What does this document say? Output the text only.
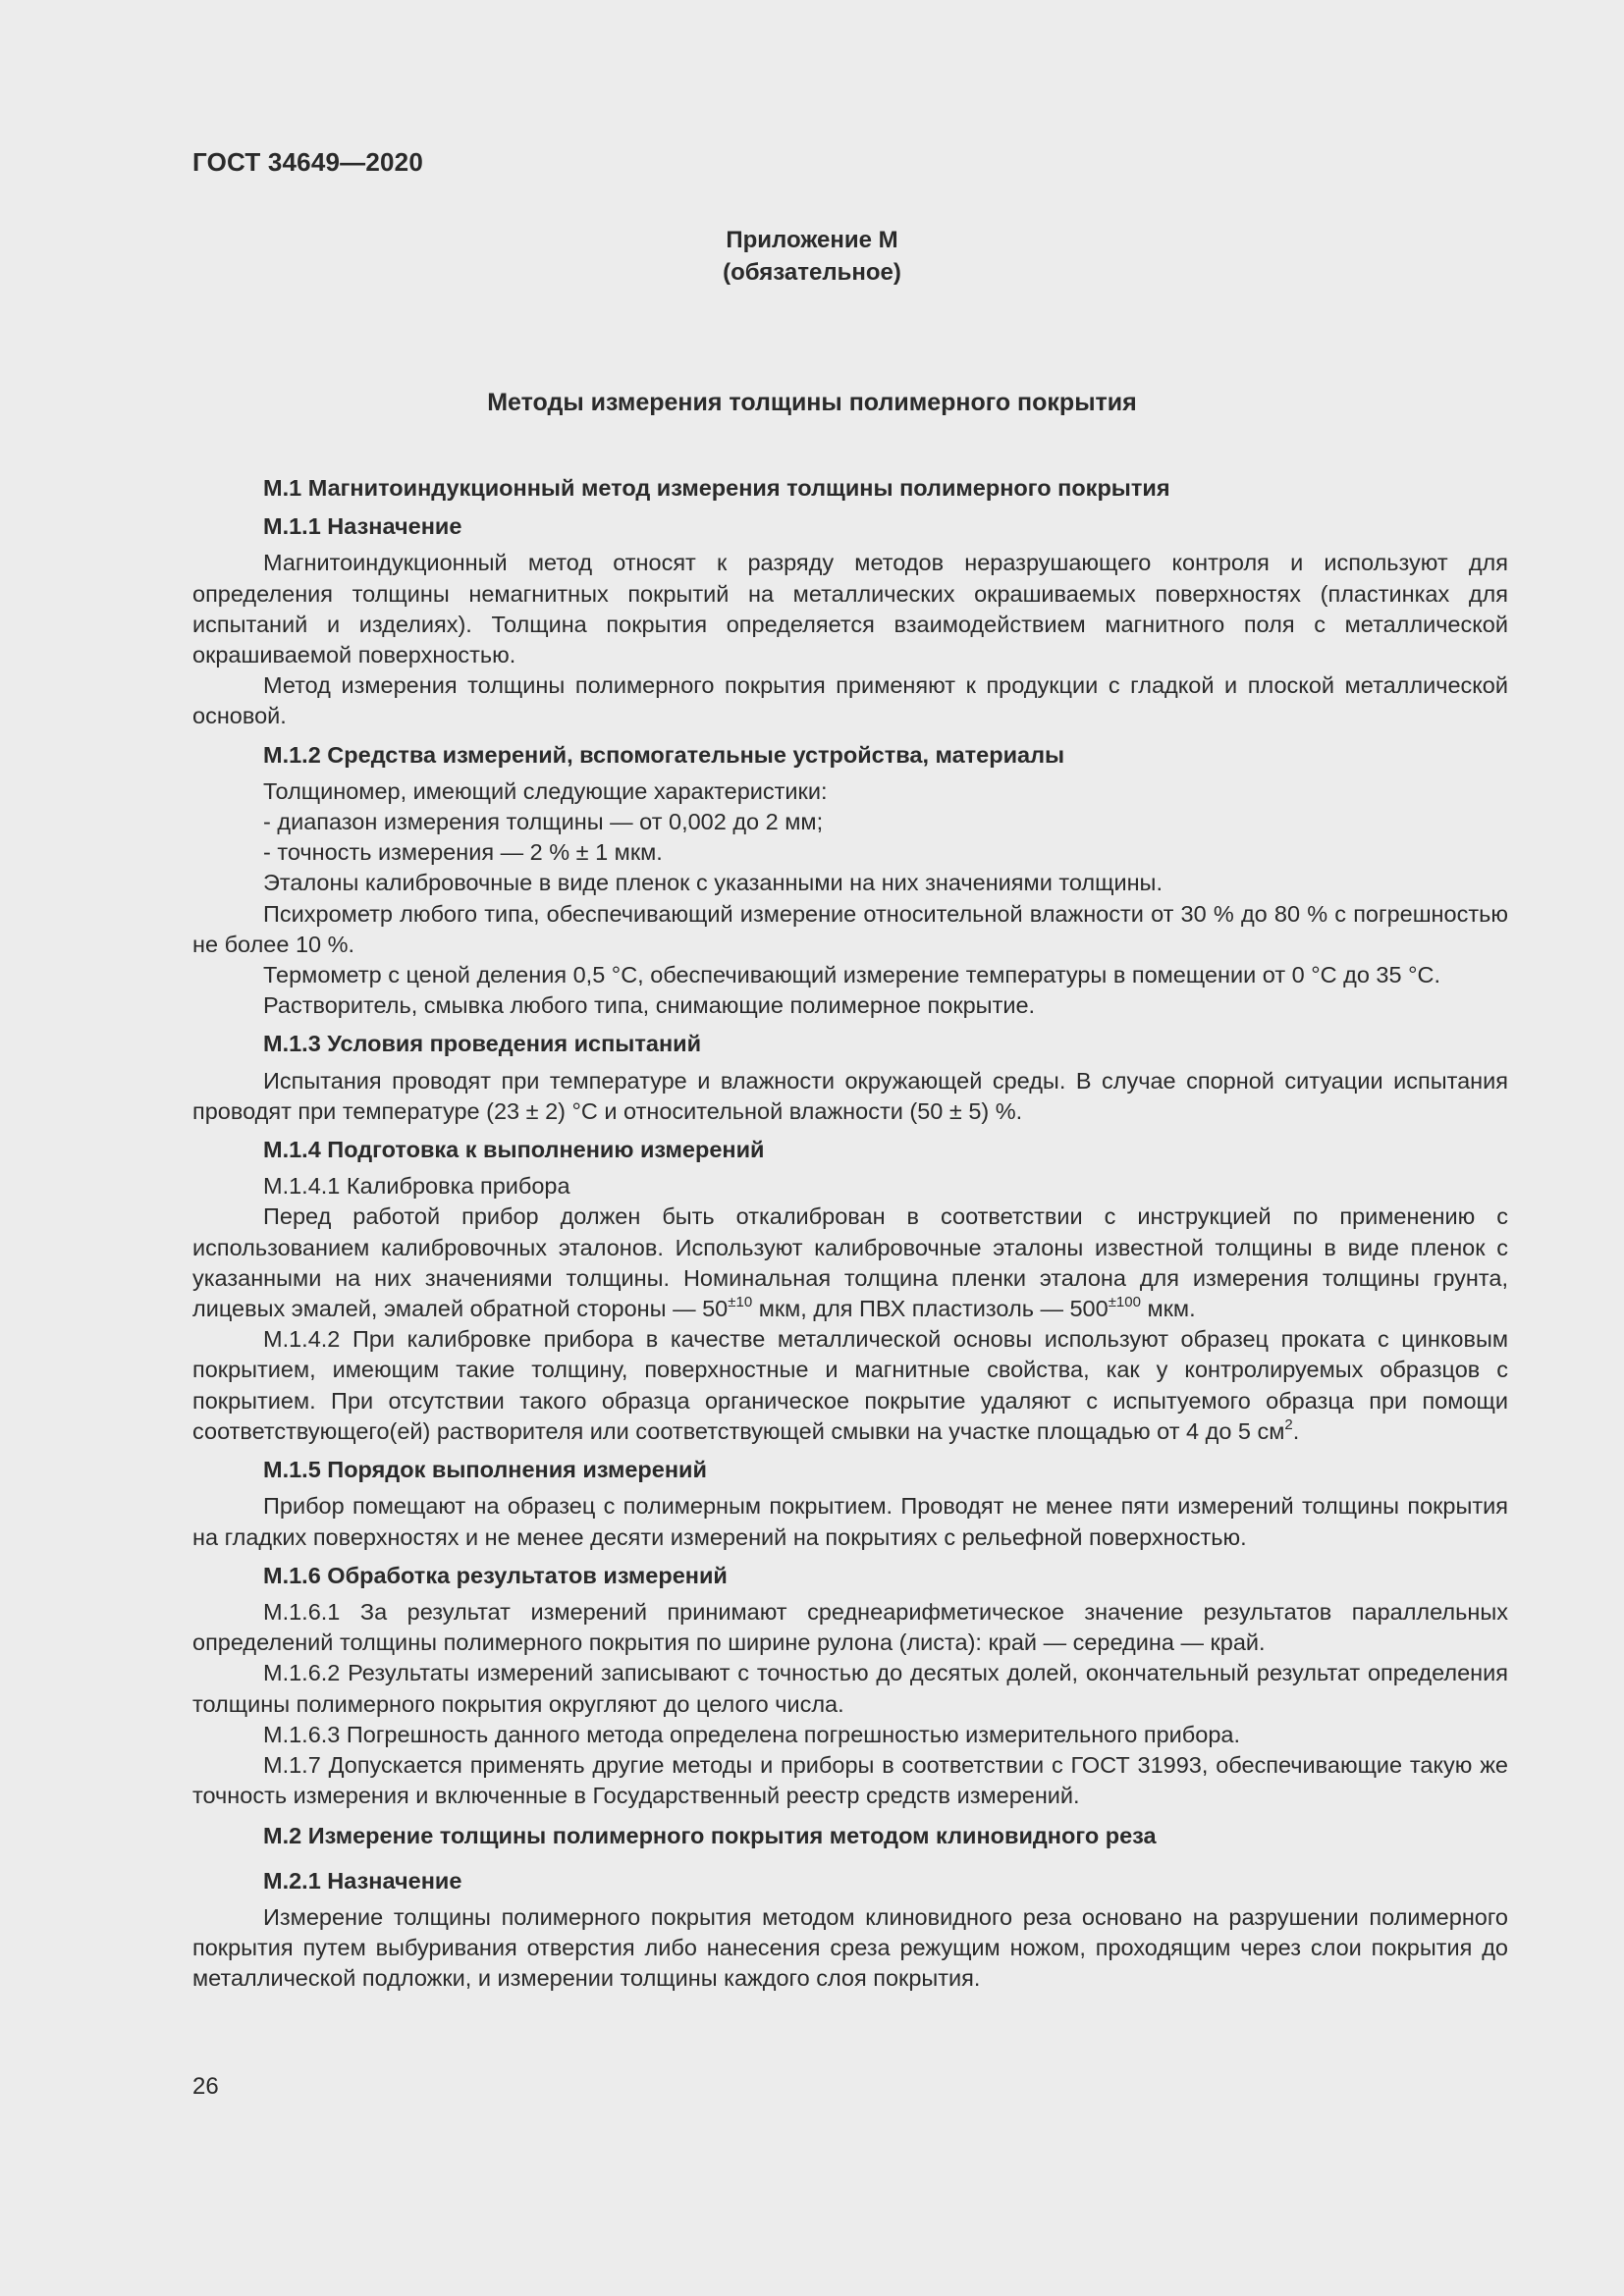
ГОСТ 34649—2020
Приложение М
(обязательное)
Методы измерения толщины полимерного покрытия

М.1 Магнитоиндукционный метод измерения толщины полимерного покрытия

М.1.1 Назначение

Магнитоиндукционный метод относят к разряду методов неразрушающего контроля и используют для определения толщины немагнитных покрытий на металлических окрашиваемых поверхностях (пластинках для испытаний и изделиях). Толщина покрытия определяется взаимодействием магнитного поля с металлической окрашиваемой поверхностью.

Метод измерения толщины полимерного покрытия применяют к продукции с гладкой и плоской металлической основой.

М.1.2 Средства измерений, вспомогательные устройства, материалы

Толщиномер, имеющий следующие характеристики:

- диапазон измерения толщины — от 0,002 до 2 мм;

- точность измерения — 2 % ± 1 мкм.

Эталоны калибровочные в виде пленок с указанными на них значениями толщины.

Психрометр любого типа, обеспечивающий измерение относительной влажности от 30 % до 80 % с погрешностью не более 10 %.

Термометр с ценой деления 0,5 °С, обеспечивающий измерение температуры в помещении от 0 °С до 35 °С.

Растворитель, смывка любого типа, снимающие полимерное покрытие.

М.1.3 Условия проведения испытаний

Испытания проводят при температуре и влажности окружающей среды. В случае спорной ситуации испытания проводят при температуре (23 ± 2) °С и относительной влажности (50 ± 5) %.

М.1.4 Подготовка к выполнению измерений

М.1.4.1 Калибровка прибора

Перед работой прибор должен быть откалиброван в соответствии с инструкцией по применению с использованием калибровочных эталонов. Используют калибровочные эталоны известной толщины в виде пленок с указанными на них значениями толщины. Номинальная толщина пленки эталона для измерения толщины грунта, лицевых эмалей, эмалей обратной стороны — $50^{\pm 10}$ мкм, для ПВХ пластизоль — $500^{\pm 100}$ мкм.

М.1.4.2 При калибровке прибора в качестве металлической основы используют образец проката с цинковым покрытием, имеющим такие толщину, поверхностные и магнитные свойства, как у контролируемых образцов с покрытием. При отсутствии такого образца органическое покрытие удаляют с испытуемого образца при помощи соответствующего(ей) растворителя или соответствующей смывки на участке площадью от 4 до 5 $см^2$.

М.1.5 Порядок выполнения измерений

Прибор помещают на образец с полимерным покрытием. Проводят не менее пяти измерений толщины покрытия на гладких поверхностях и не менее десяти измерений на покрытиях с рельефной поверхностью.

М.1.6 Обработка результатов измерений

М.1.6.1 За результат измерений принимают среднеарифметическое значение результатов параллельных определений толщины полимерного покрытия по ширине рулона (листа): край — середина — край.

М.1.6.2 Результаты измерений записывают с точностью до десятых долей, окончательный результат определения толщины полимерного покрытия округляют до целого числа.

М.1.6.3 Погрешность данного метода определена погрешностью измерительного прибора.

М.1.7 Допускается применять другие методы и приборы в соответствии с ГОСТ 31993, обеспечивающие такую же точность измерения и включенные в Государственный реестр средств измерений.

М.2 Измерение толщины полимерного покрытия методом клиновидного реза

М.2.1 Назначение

Измерение толщины полимерного покрытия методом клиновидного реза основано на разрушении полимерного покрытия путем выбуривания отверстия либо нанесения среза режущим ножом, проходящим через слои покрытия до металлической подложки, и измерении толщины каждого слоя покрытия.

26
